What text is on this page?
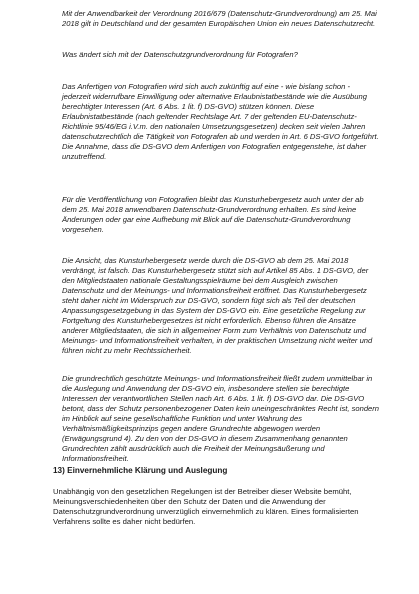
Mit der Anwendbarkeit der Verordnung 2016/679 (Datenschutz-Grundverordnung) am 25. Mai 2018 gilt in Deutschland und der gesamten Europäischen Union ein neues Datenschutzrecht.

Was ändert sich mit der Datenschutzgrundverordnung für Fotografen?

Das Anfertigen von Fotografien wird sich auch zukünftig auf eine - wie bislang schon - jederzeit widerrufbare Einwilligung oder alternative Erlaubnistatbestände wie die Ausübung berechtigter Interessen (Art. 6 Abs. 1 lit. f) DS-GVO) stützen können. Diese Erlaubnistatbestände (nach geltender Rechtslage Art. 7 der geltenden EU-Datenschutz-Richtlinie 95/46/EG i.V.m. den nationalen Umsetzungsgesetzen) decken seit vielen Jahren datenschutzrechtlich die Tätigkeit von Fotografen ab und werden in Art. 6 DS-GVO fortgeführt. Die Annahme, dass die DS-GVO dem Anfertigen von Fotografien entgegenstehe, ist daher unzutreffend.

Für die Veröffentlichung von Fotografien bleibt das Kunsturhebergesetz auch unter der ab dem 25. Mai 2018 anwendbaren Datenschutz-Grundverordnung erhalten. Es sind keine Änderungen oder gar eine Aufhebung mit Blick auf die Datenschutz-Grundverordnung vorgesehen.

Die Ansicht, das Kunsturhebergesetz werde durch die DS-GVO ab dem 25. Mai 2018 verdrängt, ist falsch. Das Kunsturhebergesetz stützt sich auf Artikel 85 Abs. 1 DS-GVO, der den Mitgliedstaaten nationale Gestaltungsspielräume bei dem Ausgleich zwischen Datenschutz und der Meinungs- und Informationsfreiheit eröffnet. Das Kunsturhebergesetz steht daher nicht im Widerspruch zur DS-GVO, sondern fügt sich als Teil der deutschen Anpassungsgesetzgebung in das System der DS-GVO ein. Eine gesetzliche Regelung zur Fortgeltung des Kunsturhebergesetzes ist nicht erforderlich. Ebenso führen die Ansätze anderer Mitgliedstaaten, die sich in allgemeiner Form zum Verhältnis von Datenschutz und Meinungs- und Informationsfreiheit verhalten, in der praktischen Umsetzung nicht weiter und führen nicht zu mehr Rechtssicherheit.

Die grundrechtlich geschützte Meinungs- und Informationsfreiheit fließt zudem unmittelbar in die Auslegung und Anwendung der DS-GVO ein, insbesondere stellen sie berechtigte Interessen der verantwortlichen Stellen nach Art. 6 Abs. 1 lit. f) DS-GVO dar. Die DS-GVO betont, dass der Schutz personenbezogener Daten kein uneingeschränktes Recht ist, sondern im Hinblick auf seine gesellschaftliche Funktion und unter Wahrung des Verhältnismäßigkeitsprinzips gegen andere Grundrechte abgewogen werden (Erwägungsgrund 4). Zu den von der DS-GVO in diesem Zusammenhang genannten Grundrechten zählt ausdrücklich auch die Freiheit der Meinungsäußerung und Informationsfreiheit.

13) Einvernehmliche Klärung und Auslegung

Unabhängig von den gesetzlichen Regelungen ist der Betreiber dieser Website bemüht, Meinungsverschiedenheiten über den Schutz der Daten und die Anwendung der Datenschutzgrundverordnung unverzüglich einvernehmlich zu klären. Eines formalisierten Verfahrens sollte es daher nicht bedürfen.
